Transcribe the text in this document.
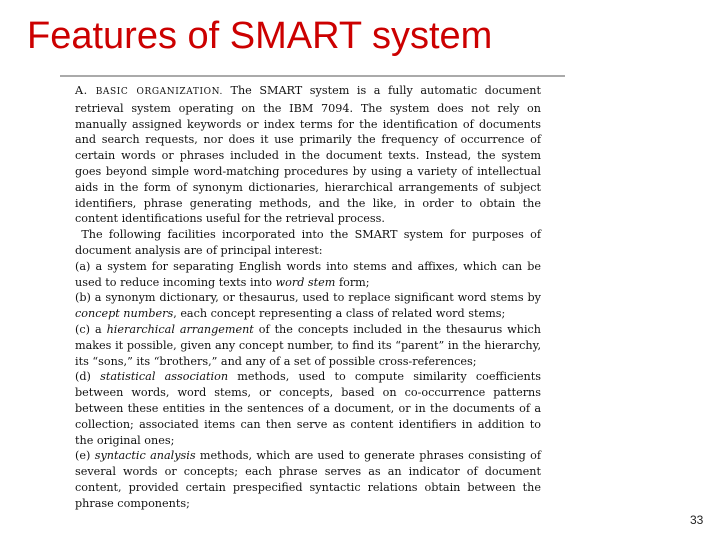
Features of SMART system

A. BASIC ORGANIZATION. The SMART system is a fully automatic document retrieval system operating on the IBM 7094. The system does not rely on manually assigned keywords or index terms for the identification of documents and search requests, nor does it use primarily the frequency of occurrence of certain words or phrases included in the document texts. Instead, the system goes beyond simple word-matching procedures by using a variety of intellectual aids in the form of synonym dictionaries, hierarchical arrangements of subject identifiers, phrase generating methods, and the like, in order to obtain the content identifications useful for the retrieval process.

The following facilities incorporated into the SMART system for purposes of document analysis are of principal interest:

(a) a system for separating English words into stems and affixes, which can be used to reduce incoming texts into word stem form;

(b) a synonym dictionary, or thesaurus, used to replace significant word stems by concept numbers, each concept representing a class of related word stems;

(c) a hierarchical arrangement of the concepts included in the thesaurus which makes it possible, given any concept number, to find its “parent” in the hierarchy, its “sons,” its “brothers,” and any of a set of possible cross-references;

(d) statistical association methods, used to compute similarity coefficients between words, word stems, or concepts, based on co-occurrence patterns between these entities in the sentences of a document, or in the documents of a collection; associated items can then serve as content identifiers in addition to the original ones;

(e) syntactic analysis methods, which are used to generate phrases consisting of several words or concepts; each phrase serves as an indicator of document content, provided certain prespecified syntactic relations obtain between the phrase components;

33
